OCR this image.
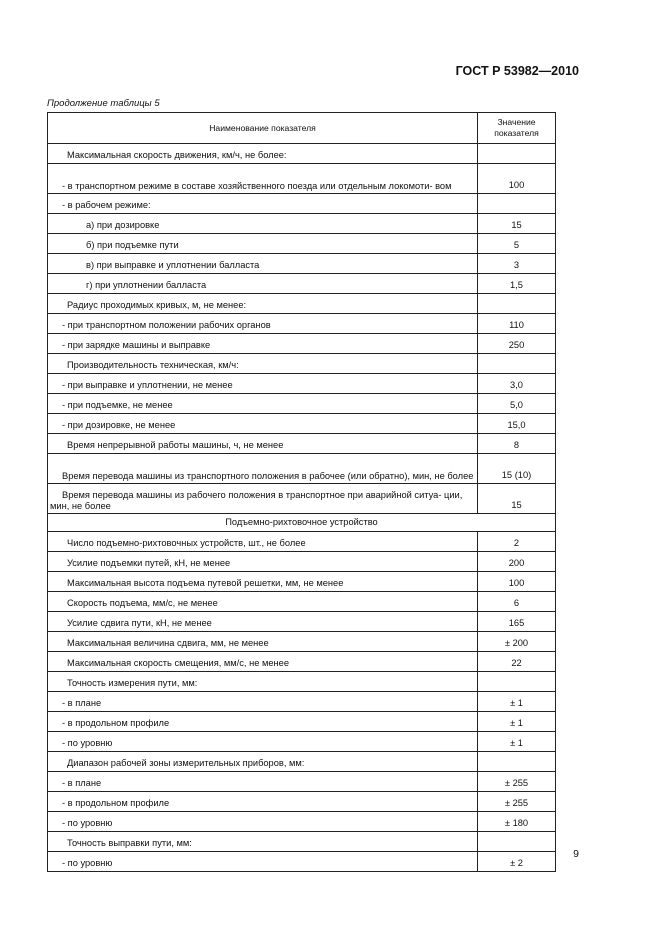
ГОСТ Р 53982—2010
Продолжение таблицы 5
Наименование показателя	Значение показателя
Максимальная скорость движения, км/ч, не более:	
- в транспортном режиме в составе хозяйственного поезда или отдельным локомоти- вом	100
- в рабочем режиме:	
а) при дозировке	15
б) при подъемке пути	5
в) при выправке и уплотнении балласта	3
г) при уплотнении балласта	1,5
Радиус проходимых кривых, м, не менее:	
- при транспортном положении рабочих органов	110
- при зарядке машины и выправке	250
Производительность техническая, км/ч:	
- при выправке и уплотнении, не менее	3,0
- при подъемке, не менее	5,0
- при дозировке, не менее	15,0
Время непрерывной работы машины, ч, не менее	8
Время перевода машины из транспортного положения в рабочее (или обратно), мин, не более	15 (10)
Время перевода машины из рабочего положения в транспортное при аварийной ситуа- ции, мин, не более	15
Подъемно-рихтовочное устройство	
Число подъемно-рихтовочных устройств, шт., не более	2
Усилие подъемки путей, кН, не менее	200
Максимальная высота подъема путевой решетки, мм, не менее	100
Скорость подъема, мм/с, не менее	6
Усилие сдвига пути, кН, не менее	165
Максимальная величина сдвига, мм, не менее	± 200
Максимальная скорость смещения, мм/с, не менее	22
Точность измерения пути, мм:	
- в плане	± 1
- в продольном профиле	± 1
- по уровню	± 1
Диапазон рабочей зоны измерительных приборов, мм:	
- в плане	± 255
- в продольном профиле	± 255
- по уровню	± 180
Точность выправки пути, мм:	
- по уровню	± 2
9
